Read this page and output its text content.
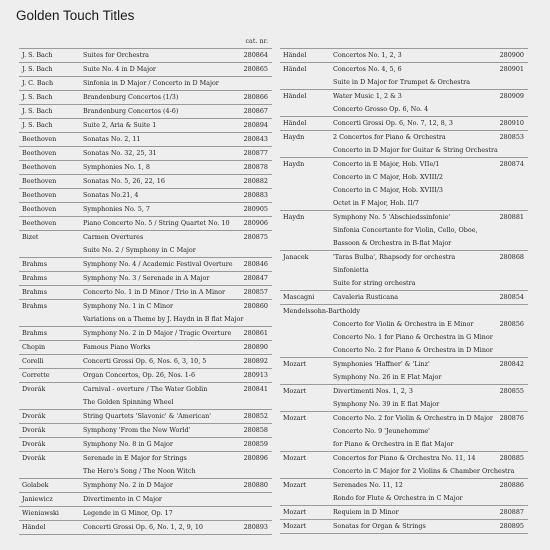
Golden Touch Titles
cat. nr.
J. S. Bach	Suites for Orchestra	280864
J. S. Bach	Suite No. 4 in D Major	280865
J. C. Bach	Sinfonia in D Major / Concerto in D Major
J. S. Bach	Brandenburg Concertos (1/3)	280866
J. S. Bach	Brandenburg Concertos (4-6)	280867
J. S. Bach	Suite 2, Aria & Suite 1	280894
Beethoven	Sonatas No. 2, 11	280843
Beethoven	Sonatas No. 32, 25, 31	280877
Beethoven	Symphonies No. 1, 8	280878
Beethoven	Sonatas No. 5, 26, 22, 16	280882
Beethoven	Sonatas No.21, 4	280883
Beethoven	Symphonies No. 5, 7	280905
Beethoven	Piano Concerto No. 5 / String Quartet No. 10 280906
Bizet	Carmen Overtures	280875
Suite No. 2 / Symphony in C Major
Brahms	Symphony No. 4 / Academic Festival Overture 280846
Brahms	Symphony No. 3 / Serenade in A Major	280847
Brahms	Concerto No. 1 in D Minor / Trio in A Minor	280857
Brahms	Symphony No. 1 in C Minor	280860
Variations on a Theme by J. Haydn in B flat Major
Brahms	Symphony No. 2 in D Major / Tragic Overture 280861
Chopin	Famous Piano Works	280890
Corelli	Concerti Grossi Op. 6, Nos. 6, 3, 10, 5	280892
Corrette	Organ Concertos, Op. 26, Nos. 1-6	280913
Dvorák	Carnival - overture / The Water Goblin	280841
The Golden Spinning Wheel
Dvorák	String Quartets 'Slavonic' & 'American'	280852
Dvorák	Symphony 'From the New World'	280858
Dvorák	Symphony No. 8 in G Major	280859
Dvorák	Serenade in E Major for Strings	280896
The Hero's Song / The Noon Witch
Golabek	Symphony No. 2 in D Major	280880
Janiewicz	Divertimento in C Major
Wieniawski	Legende in G Minor, Op. 17
Händel	Concerti Grossi Op. 6, No. 1, 2, 9, 10	280893
Händel	Concertos No. 1, 2, 3	280900
Händel	Concertos No. 4, 5, 6	280901
Suite in D Major for Trumpet & Orchestra
Händel	Water Music 1, 2 & 3	280909
Concerto Grosso Op. 6, No. 4
Händel	Concerti Grossi Op. 6, No. 7, 12, 8, 3	280910
Haydn	2 Concertos for Piano & Orchestra	280853
Concerto in D Major for Guitar & String Orchestra
Haydn	Concerto in E Major, Hob. VIIe/1	280874
Concerto in C Major, Hob. XVIII/2
Concerto in C Major, Hob. XVIII/3
Octet in F Major, Hob. II/7
Haydn	Symphony No. 5 'Abschiedssinfonie'	280881
Sinfonia Concertante for Violin, Cello, Oboe,
Bassoon & Orchestra in B-flat Major
Janacek	'Taras Bulba', Rhapsody for orchestra	280868
Sinfonietta
Suite for string orchestra
Mascagni	Cavaleria Rusticana	280854
Mendelssohn-Bartholdy
Concerto for Violin & Orchestra in E Minor	280856
Concerto No. 1 for Piano & Orchestra in G Minor
Concerto No. 2 for Piano & Orchestra in D Minor
Mozart	Symphonies 'Haffner' & 'Linz'	280842
Symphony No. 26 in E Flat Major
Mozart	Divertimenti Nos. 1, 2, 3	280855
Symphony No. 39 in E flat Major
Mozart	Concerto No. 2 for Violin & Orchestra in D Major 280876
Concerto No. 9 'Jeunehomme'
for Piano & Orchestra in E flat Major
Mozart	Concertos for Piano & Orchestra No. 11, 14	280885
Concerto in C Major for 2 Violins & Chamber Orchestra
Mozart	Serenades No. 11, 12	280886
Rondo for Flute & Orchestra in C Major
Mozart	Requiem in D Minor	280887
Mozart	Sonatas for Organ & Strings	280895
